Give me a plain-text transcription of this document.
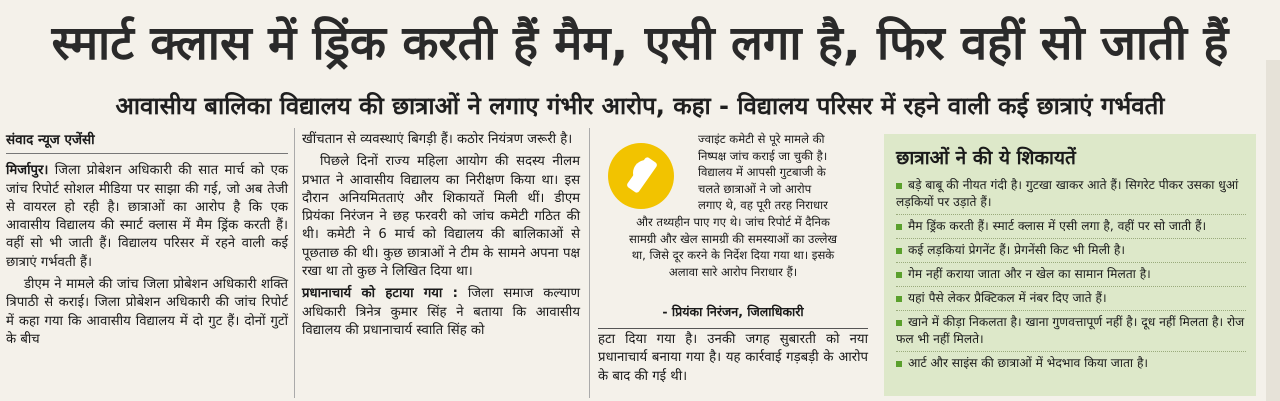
स्मार्ट क्लास में ड्रिंक करती हैं मैम, एसी लगा है, फिर वहीं सो जाती हैं
आवासीय बालिका विद्यालय की छात्राओं ने लगाए गंभीर आरोप, कहा - विद्यालय परिसर में रहने वाली कई छात्राएं गर्भवती

संवाद न्यूज एजेंसी

मिर्जापुर। जिला प्रोबेशन अधिकारी की सात मार्च को एक जांच रिपोर्ट सोशल मीडिया पर साझा की गई, जो अब तेजी से वायरल हो रही है। छात्राओं का आरोप है कि एक आवासीय विद्यालय की स्मार्ट क्लास में मैम ड्रिंक करती हैं। वहीं सो भी जाती हैं। विद्यालय परिसर में रहने वाली कई छात्राएं गर्भवती हैं।

डीएम ने मामले की जांच जिला प्रोबेशन अधिकारी शक्ति त्रिपाठी से कराई। जिला प्रोबेशन अधिकारी की जांच रिपोर्ट में कहा गया कि आवासीय विद्यालय में दो गुट हैं। दोनों गुटों के बीच

खींचतान से व्यवस्थाएं बिगड़ी हैं। कठोर नियंत्रण जरूरी है।

पिछले दिनों राज्य महिला आयोग की सदस्य नीलम प्रभात ने आवासीय विद्यालय का निरीक्षण किया था। इस दौरान अनियमितताएं और शिकायतें मिली थीं। डीएम प्रियंका निरंजन ने छह फरवरी को जांच कमेटी गठित की थी। कमेटी ने 6 मार्च को विद्यालय की बालिकाओं से पूछताछ की थी। कुछ छात्राओं ने टीम के सामने अपना पक्ष रखा था तो कुछ ने लिखित दिया था।

प्रधानाचार्य को हटाया गया : जिला समाज कल्याण अधिकारी त्रिनेत्र कुमार सिंह ने बताया कि आवासीय विद्यालय की प्रधानाचार्य स्वाति सिंह को

ज्वाइंट कमेटी से पूरे मामले की
निष्पक्ष जांच कराई जा चुकी है।
विद्यालय में आपसी गुटबाजी के
चलते छात्राओं ने जो आरोप
लगाए थे, वह पूरी तरह निराधार
और तथ्यहीन पाए गए थे। जांच रिपोर्ट में दैनिक
सामग्री और खेल सामग्री की समस्याओं का उल्लेख
था, जिसे दूर करने के निर्देश दिया गया था। इसके
अलावा सारे आरोप निराधार हैं।
- प्रियंका निरंजन, जिलाधिकारी

हटा दिया गया है। उनकी जगह सुबारती को नया प्रधानाचार्य बनाया गया है। यह कार्रवाई गड़बड़ी के आरोप के बाद की गई थी।

छात्राओं ने की ये शिकायतें
बड़े बाबू की नीयत गंदी है। गुटखा खाकर आते हैं। सिगरेट पीकर उसका धुआं लड़कियों पर उड़ाते हैं।
मैम ड्रिंक करती हैं। स्मार्ट क्लास में एसी लगा है, वहीं पर सो जाती हैं।
कई लड़कियां प्रेगनेंट हैं। प्रेगनेंसी किट भी मिली है।
गेम नहीं कराया जाता और न खेल का सामान मिलता है।
यहां पैसे लेकर प्रैक्टिकल में नंबर दिए जाते हैं।
खाने में कीड़ा निकलता है। खाना गुणवत्तापूर्ण नहीं है। दूध नहीं मिलता है। रोज फल भी नहीं मिलते।
आर्ट और साइंस की छात्राओं में भेदभाव किया जाता है।
